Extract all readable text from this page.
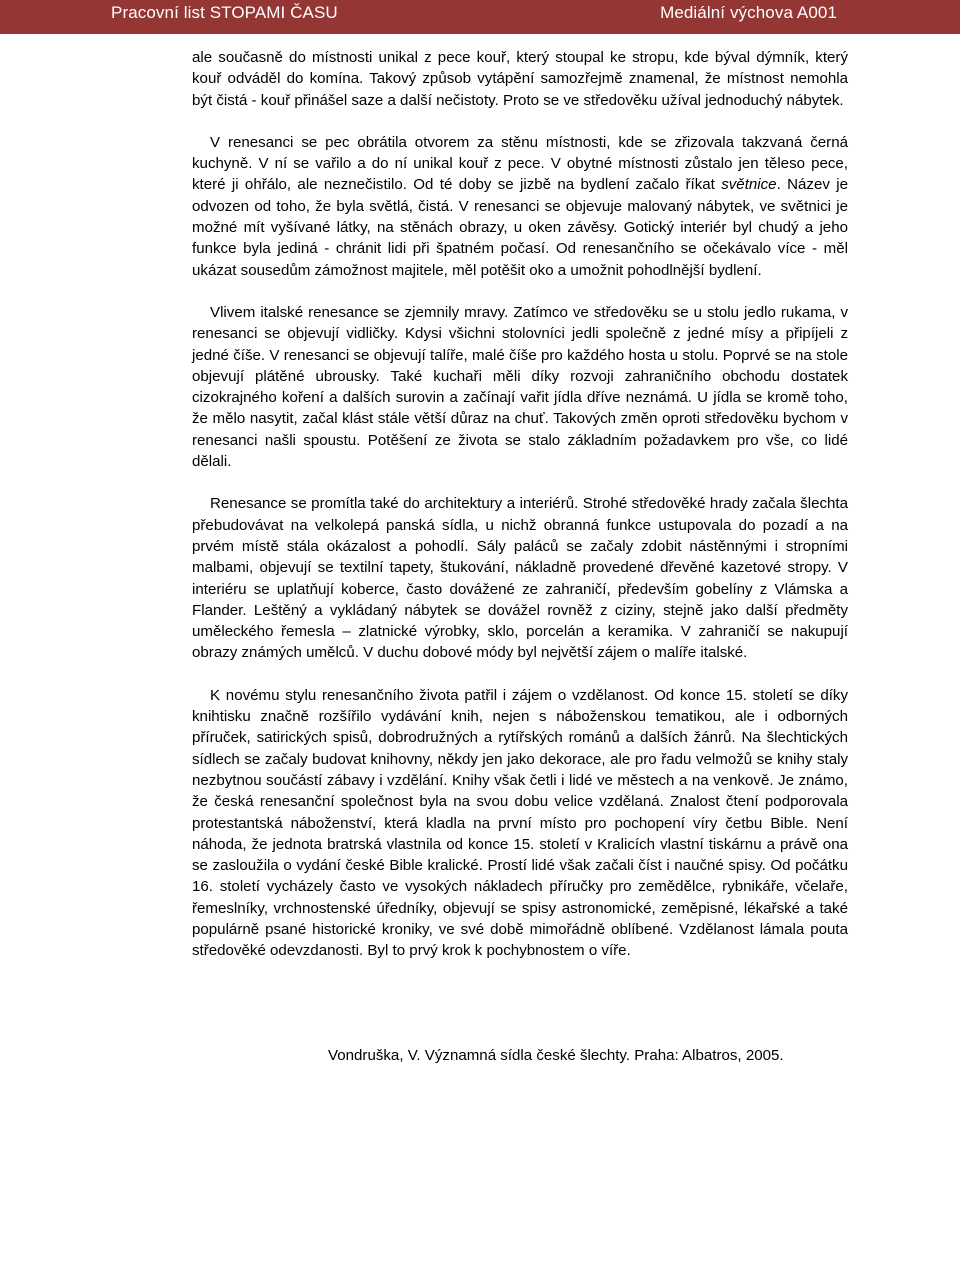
Pracovní list STOPAMI ČASU	Mediální výchova A001

ale současně do místnosti unikal z pece kouř, který stoupal ke stropu, kde býval dýmník, který kouř odváděl do komína. Takový způsob vytápění samozřejmě znamenal, že místnost nemohla být čistá - kouř přinášel saze a další nečistoty. Proto se ve středověku užíval jednoduchý nábytek.

V renesanci se pec obrátila otvorem za stěnu místnosti, kde se zřizovala takzvaná černá kuchyně. V ní se vařilo a do ní unikal kouř z pece. V obytné místnosti zůstalo jen těleso pece, které ji ohřálo, ale neznečistilo. Od té doby se jizbě na bydlení začalo říkat světnice. Název je odvozen od toho, že byla světlá, čistá. V renesanci se objevuje malovaný nábytek, ve světnici je možné mít vyšívané látky, na stěnách obrazy, u oken závěsy. Gotický interiér byl chudý a jeho funkce byla jediná - chránit lidi při špatném počasí. Od renesančního se očekávalo více - měl ukázat sousedům zámožnost majitele, měl potěšit oko a umožnit pohodlnější bydlení.

Vlivem italské renesance se zjemnily mravy. Zatímco ve středověku se u stolu jedlo rukama, v renesanci se objevují vidličky. Kdysi všichni stolovníci jedli společně z jedné mísy a připíjeli z jedné číše. V renesanci se objevují talíře, malé číše pro každého hosta u stolu. Poprvé se na stole objevují plátěné ubrousky. Také kuchaři měli díky rozvoji zahraničního obchodu dostatek cizokrajného koření a dalších surovin a začínají vařit jídla dříve neznámá. U jídla se kromě toho, že mělo nasytit, začal klást stále větší důraz na chuť. Takových změn oproti středověku bychom v renesanci našli spoustu. Potěšení ze života se stalo základním požadavkem pro vše, co lidé dělali.

Renesance se promítla také do architektury a interiérů. Strohé středověké hrady začala šlechta přebudovávat na velkolepá panská sídla, u nichž obranná funkce ustupovala do pozadí a na prvém místě stála okázalost a pohodlí. Sály paláců se začaly zdobit nástěnnými i stropními malbami, objevují se textilní tapety, štukování, nákladně provedené dřevěné kazetové stropy. V interiéru se uplatňují koberce, často dovážené ze zahraničí, především gobelíny z Vlámska a Flander. Leštěný a vykládaný nábytek se dovážel rovněž z ciziny, stejně jako další předměty uměleckého řemesla – zlatnické výrobky, sklo, porcelán a keramika. V zahraničí se nakupují obrazy známých umělců. V duchu dobové módy byl největší zájem o malíře italské.

K novému stylu renesančního života patřil i zájem o vzdělanost. Od konce 15. století se díky knihtisku značně rozšířilo vydávání knih, nejen s náboženskou tematikou, ale i odborných příruček, satirických spisů, dobrodružných a rytířských románů a dalších žánrů. Na šlechtických sídlech se začaly budovat knihovny, někdy jen jako dekorace, ale pro řadu velmožů se knihy staly nezbytnou součástí zábavy i vzdělání. Knihy však četli i lidé ve městech a na venkově. Je známo, že česká renesanční společnost byla na svou dobu velice vzdělaná. Znalost čtení podporovala protestantská náboženství, která kladla na první místo pro pochopení víry četbu Bible. Není náhoda, že jednota bratrská vlastnila od konce 15. století v Kralicích vlastní tiskárnu a právě ona se zasloužila o vydání české Bible kralické. Prostí lidé však začali číst i naučné spisy. Od počátku 16. století vycházely často ve vysokých nákladech příručky pro zemědělce, rybnikáře, včelaře, řemeslníky, vrchnostenské úředníky, objevují se spisy astronomické, zeměpisné, lékařské a také populárně psané historické kroniky, ve své době mimořádně oblíbené. Vzdělanost lámala pouta středověké odevzdanosti. Byl to prvý krok k pochybnostem o víře.

Vondruška, V. Významná sídla české šlechty. Praha: Albatros, 2005.
